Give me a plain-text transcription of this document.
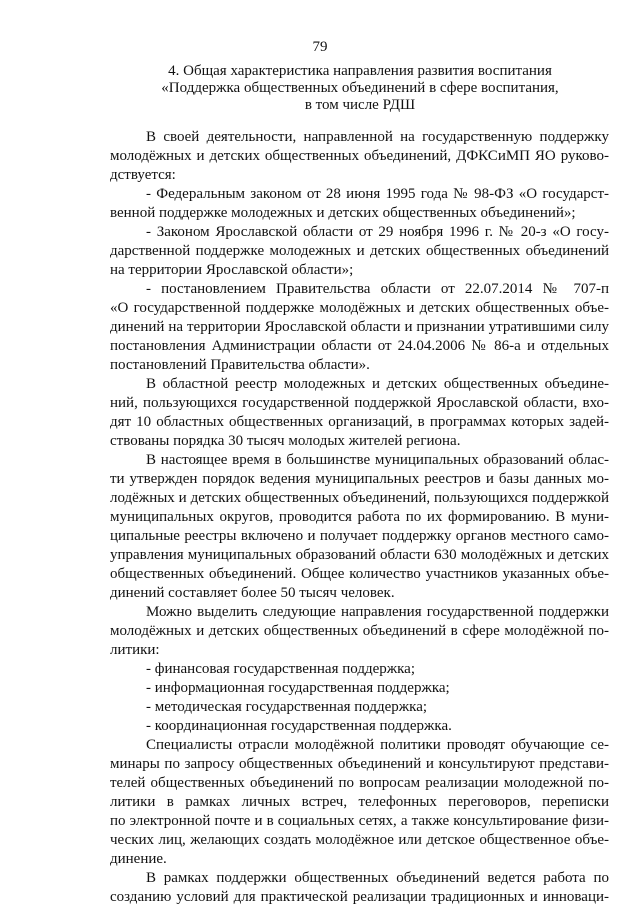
79
4. Общая характеристика направления развития воспитания
«Поддержка общественных объединений в сфере воспитания,
в том числе РДШ
В своей деятельности, направленной на государственную поддержку
молодёжных и детских общественных объединений, ДФКСиМП ЯО руково-
дствуется:
- Федеральным законом от 28 июня 1995 года № 98-ФЗ «О государст-
венной поддержке молодежных и детских общественных объединений»;
- Законом Ярославской области от 29 ноября 1996 г. № 20-з «О госу-
дарственной поддержке молодежных и детских общественных объединений
на территории Ярославской области»;
- постановлением Правительства области от 22.07.2014 № 707-п
«О государственной поддержке молодёжных и детских общественных объе-
динений на территории Ярославской области и признании утратившими силу
постановления Администрации области от 24.04.2006 № 86-а и отдельных
постановлений Правительства области».
В областной реестр молодежных и детских общественных объедине-
ний, пользующихся государственной поддержкой Ярославской области, вхо-
дят 10 областных общественных организаций, в программах которых задей-
ствованы порядка 30 тысяч молодых жителей региона.
В настоящее время в большинстве муниципальных образований облас-
ти утвержден порядок ведения муниципальных реестров и базы данных мо-
лодёжных и детских общественных объединений, пользующихся поддержкой
муниципальных округов, проводится работа по их формированию. В муни-
ципальные реестры включено и получает поддержку органов местного само-
управления муниципальных образований области 630 молодёжных и детских
общественных объединений. Общее количество участников указанных объе-
динений составляет более 50 тысяч человек.
Можно выделить следующие направления государственной поддержки
молодёжных и детских общественных объединений в сфере молодёжной по-
литики:
- финансовая государственная поддержка;
- информационная государственная поддержка;
- методическая государственная поддержка;
- координационная государственная поддержка.
Специалисты отрасли молодёжной политики проводят обучающие се-
минары по запросу общественных объединений и консультируют представи-
телей общественных объединений по вопросам реализации молодежной по-
литики в рамках личных встреч, телефонных переговоров, переписки
по электронной почте и в социальных сетях, а также консультирование физи-
ческих лиц, желающих создать молодёжное или детское общественное объе-
динение.
В рамках поддержки общественных объединений ведется работа по
созданию условий для практической реализации традиционных и инноваци-
